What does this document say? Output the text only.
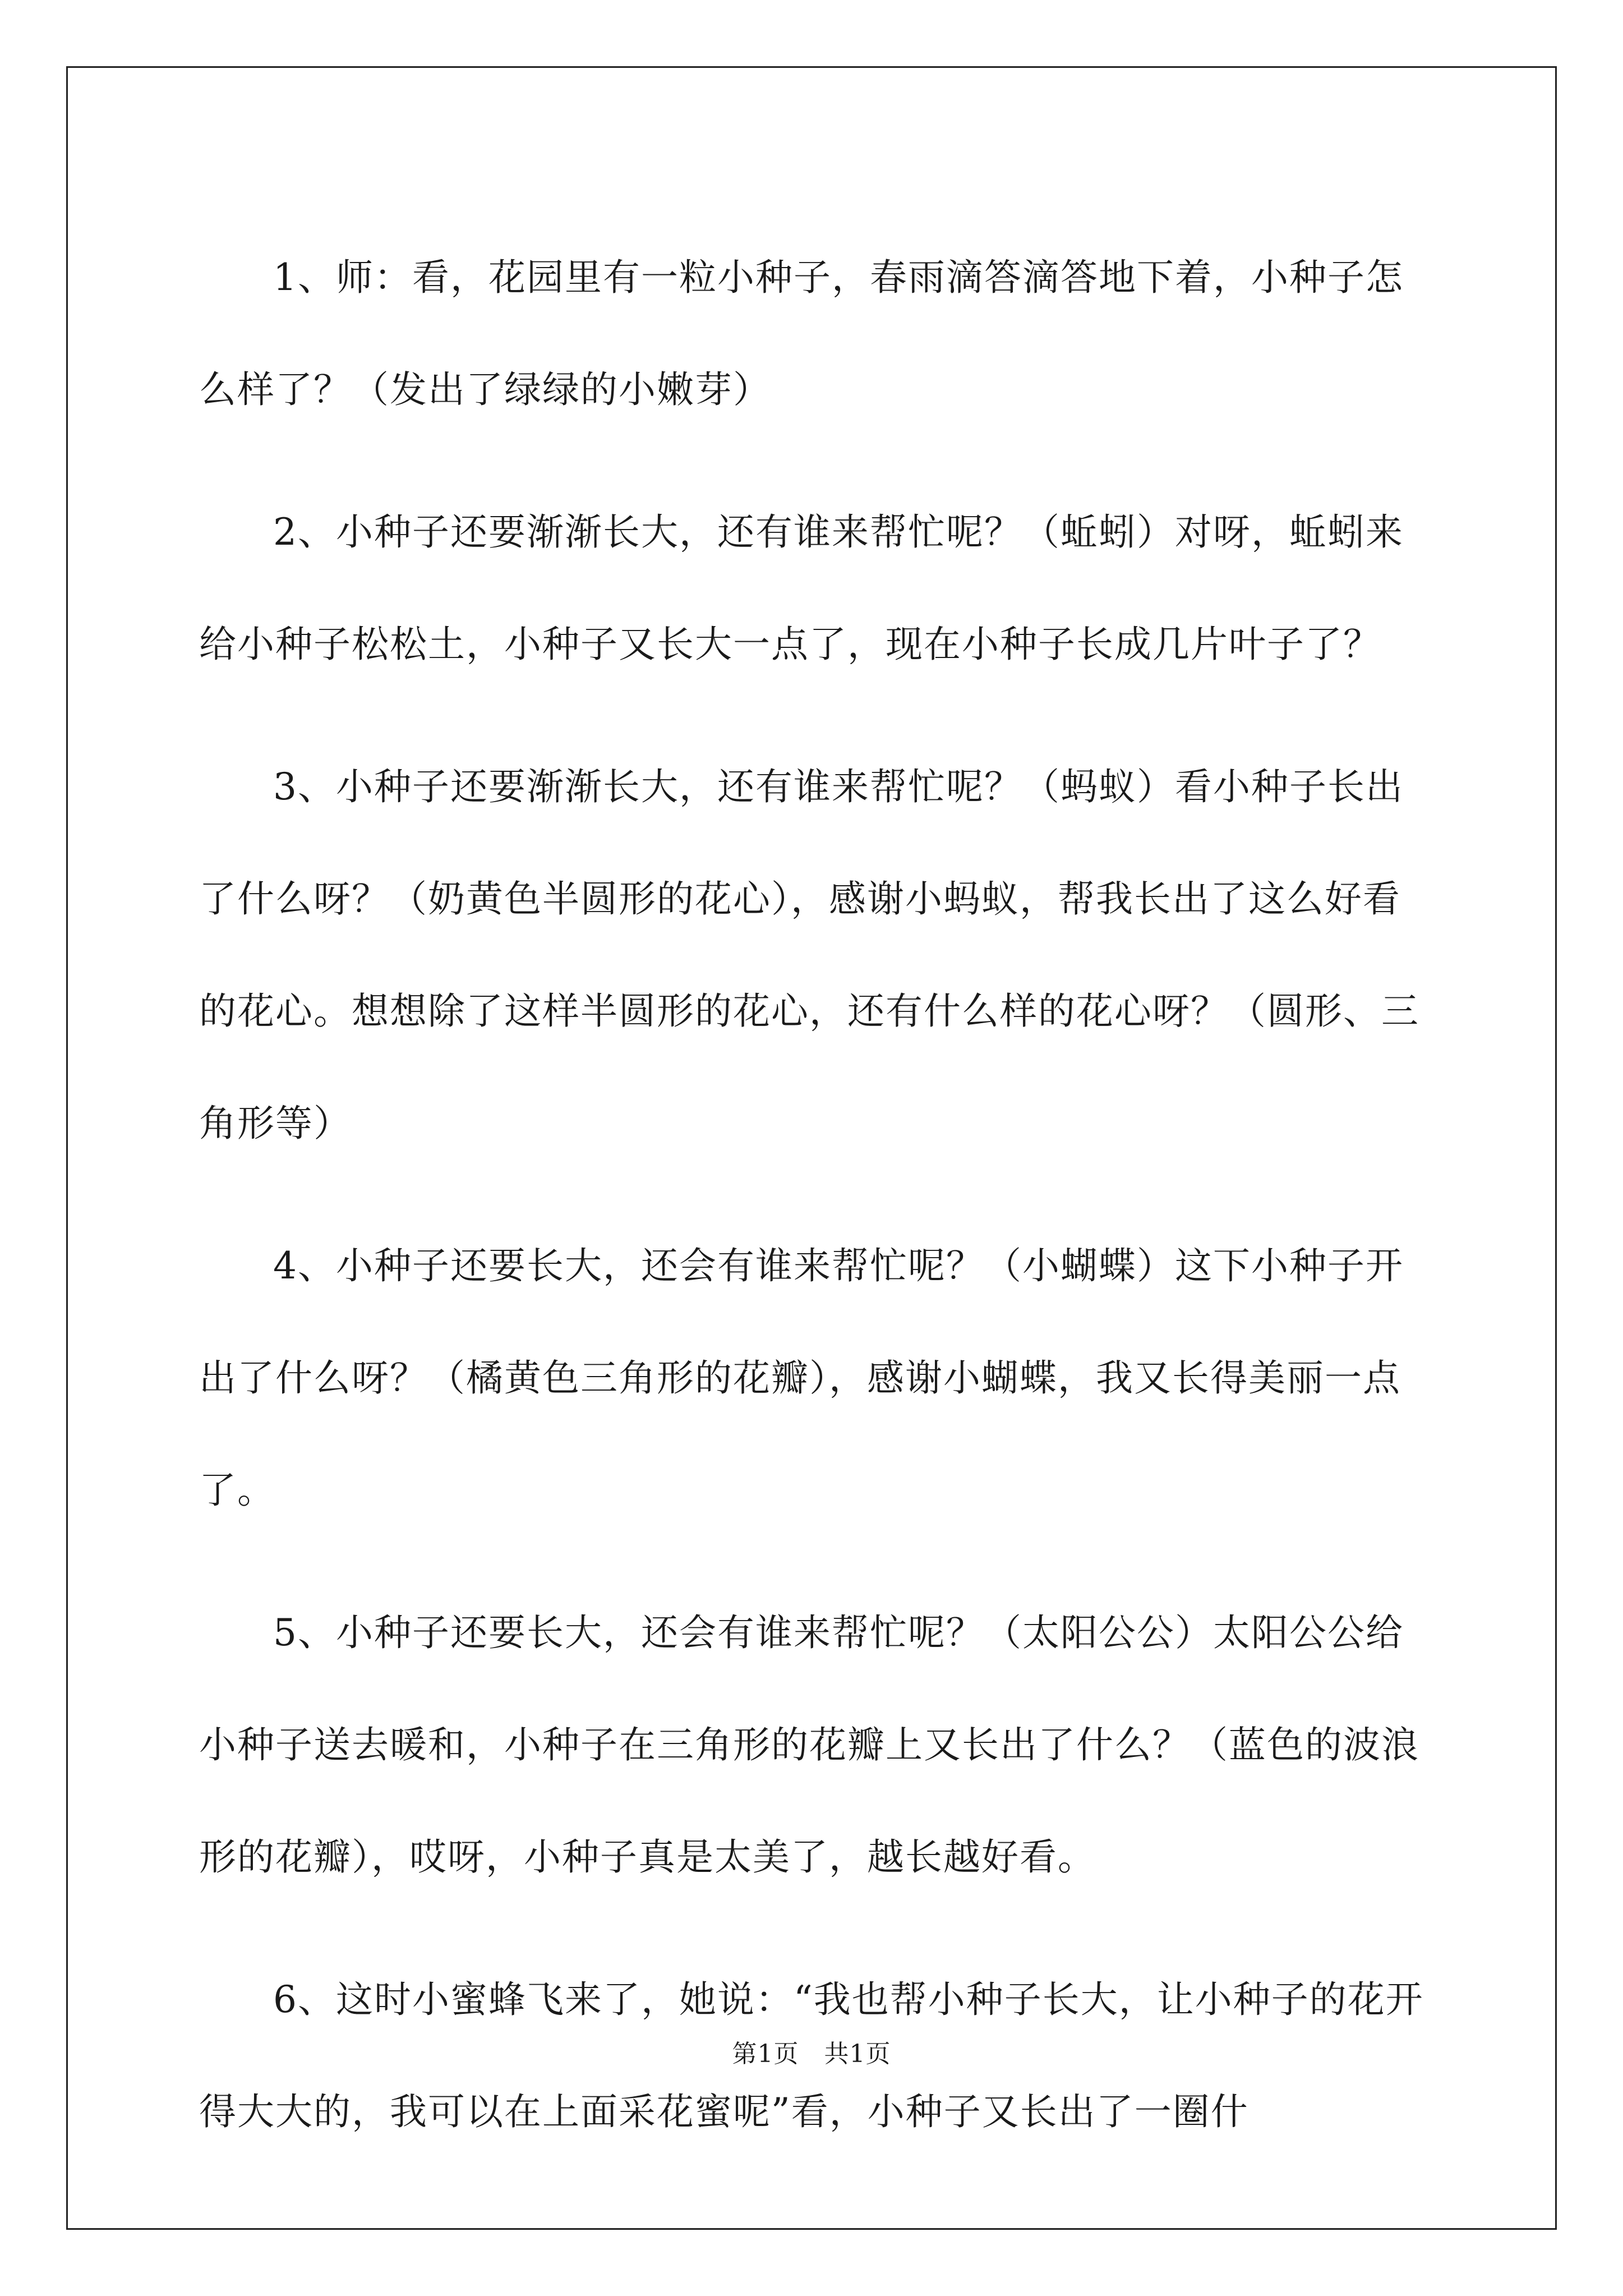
1、师：看，花园里有一粒小种子，春雨滴答滴答地下着，小种子怎么样了？（发出了绿绿的小嫩芽）

2、小种子还要渐渐长大，还有谁来帮忙呢？（蚯蚓）对呀，蚯蚓来给小种子松松土，小种子又长大一点了，现在小种子长成几片叶子了？

3、小种子还要渐渐长大，还有谁来帮忙呢？（蚂蚁）看小种子长出了什么呀？（奶黄色半圆形的花心），感谢小蚂蚁，帮我长出了这么好看的花心。想想除了这样半圆形的花心，还有什么样的花心呀？（圆形、三角形等）

4、小种子还要长大，还会有谁来帮忙呢？（小蝴蝶）这下小种子开出了什么呀？（橘黄色三角形的花瓣），感谢小蝴蝶，我又长得美丽一点了。

5、小种子还要长大，还会有谁来帮忙呢？（太阳公公）太阳公公给小种子送去暖和，小种子在三角形的花瓣上又长出了什么？（蓝色的波浪形的花瓣），哎呀，小种子真是太美了，越长越好看。

6、这时小蜜蜂飞来了，她说：“我也帮小种子长大，让小种子的花开得大大的，我可以在上面采花蜜呢”看，小种子又长出了一圈什

第1页   共1页
